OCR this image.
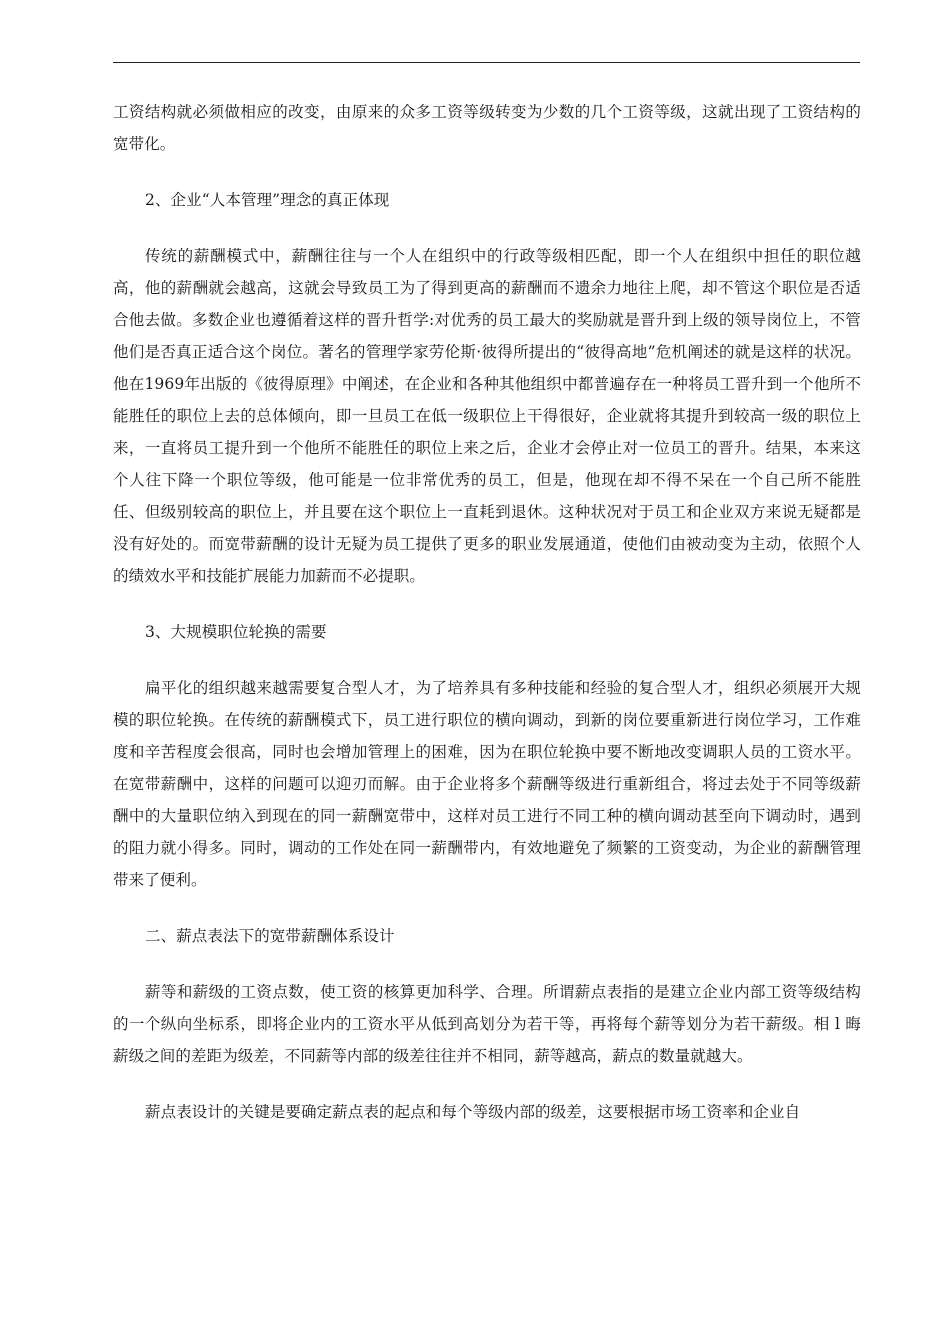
工资结构就必须做相应的改变，由原来的众多工资等级转变为少数的几个工资等级，这就出现了工资结构的宽带化。

2、企业“人本管理”理念的真正体现

传统的薪酬模式中，薪酬往往与一个人在组织中的行政等级相匹配，即一个人在组织中担任的职位越高，他的薪酬就会越高，这就会导致员工为了得到更高的薪酬而不遗余力地往上爬，却不管这个职位是否适合他去做。多数企业也遵循着这样的晋升哲学:对优秀的员工最大的奖励就是晋升到上级的领导岗位上，不管他们是否真正适合这个岗位。著名的管理学家劳伦斯·彼得所提出的“彼得高地”危机阐述的就是这样的状况。他在1969年出版的《彼得原理》中阐述，在企业和各种其他组织中都普遍存在一种将员工晋升到一个他所不能胜任的职位上去的总体倾向，即一旦员工在低一级职位上干得很好，企业就将其提升到较高一级的职位上来，一直将员工提升到一个他所不能胜任的职位上来之后，企业才会停止对一位员工的晋升。结果，本来这个人往下降一个职位等级，他可能是一位非常优秀的员工，但是，他现在却不得不呆在一个自己所不能胜任、但级别较高的职位上，并且要在这个职位上一直耗到退休。这种状况对于员工和企业双方来说无疑都是没有好处的。而宽带薪酬的设计无疑为员工提供了更多的职业发展通道，使他们由被动变为主动，依照个人的绩效水平和技能扩展能力加薪而不必提职。

3、大规模职位轮换的需要

扁平化的组织越来越需要复合型人才，为了培养具有多种技能和经验的复合型人才，组织必须展开大规模的职位轮换。在传统的薪酬模式下，员工进行职位的横向调动，到新的岗位要重新进行岗位学习，工作难度和辛苦程度会很高，同时也会增加管理上的困难，因为在职位轮换中要不断地改变调职人员的工资水平。在宽带薪酬中，这样的问题可以迎刃而解。由于企业将多个薪酬等级进行重新组合，将过去处于不同等级薪酬中的大量职位纳入到现在的同一薪酬宽带中，这样对员工进行不同工种的横向调动甚至向下调动时，遇到的阻力就小得多。同时，调动的工作处在同一薪酬带内，有效地避免了频繁的工资变动，为企业的薪酬管理带来了便利。

二、薪点表法下的宽带薪酬体系设计

薪等和薪级的工资点数，使工资的核算更加科学、合理。所谓薪点表指的是建立企业内部工资等级结构的一个纵向坐标系，即将企业内的工资水平从低到高划分为若干等，再将每个薪等划分为若干薪级。相 l 晦薪级之间的差距为级差，不同薪等内部的级差往往并不相同，薪等越高，薪点的数量就越大。

薪点表设计的关键是要确定薪点表的起点和每个等级内部的级差，这要根据市场工资率和企业自
